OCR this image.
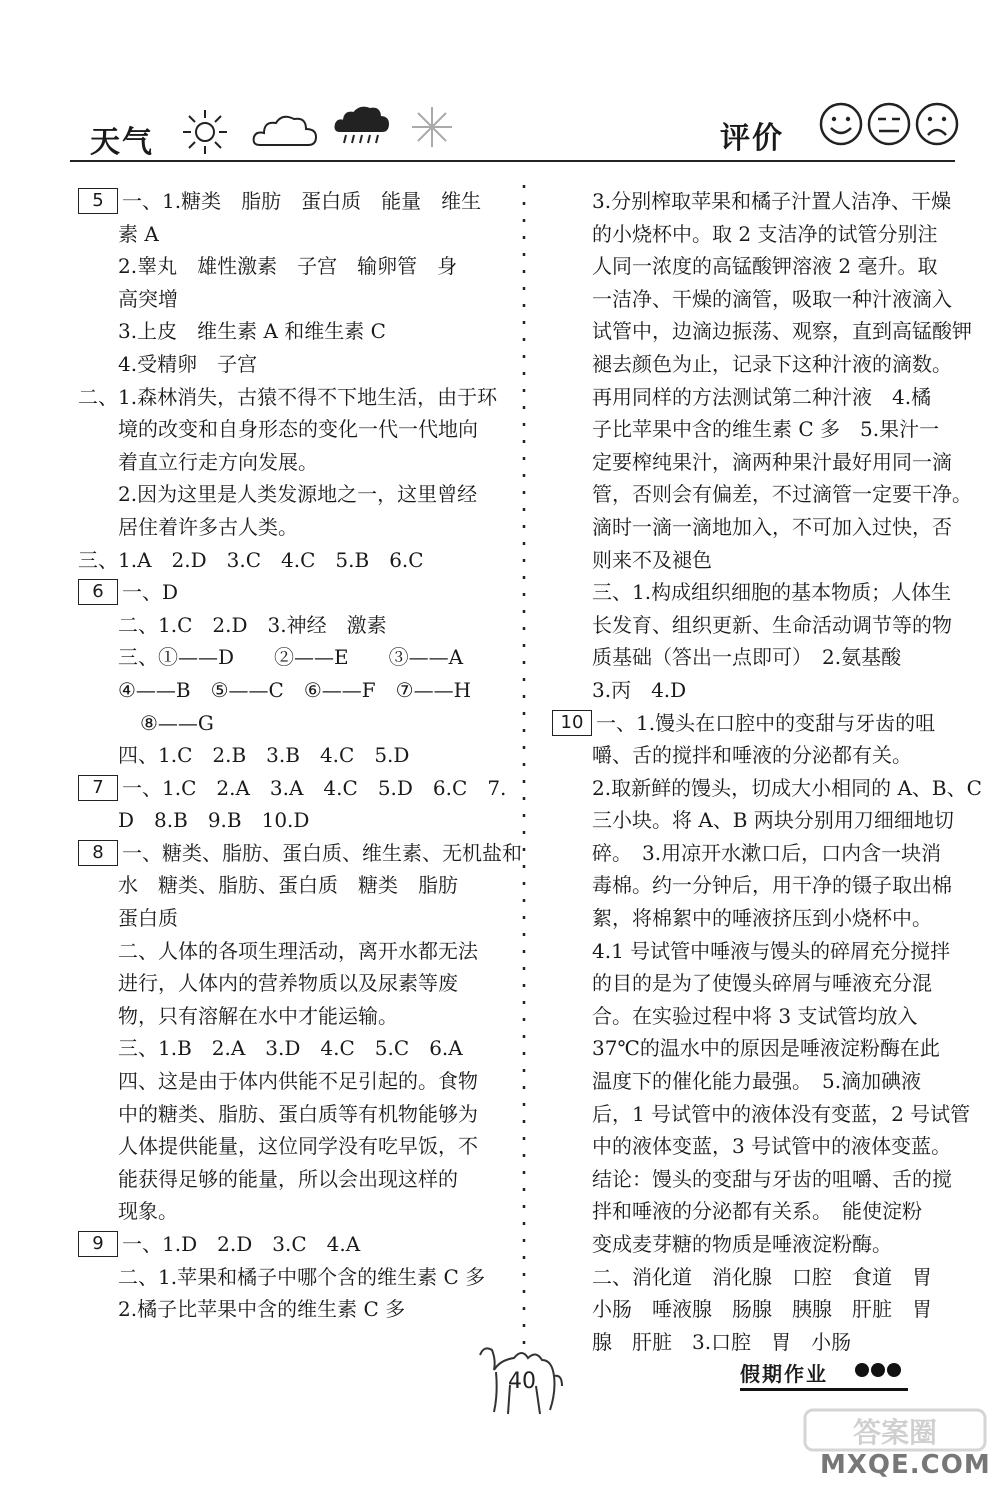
天气	评价
5 一、1.糖类　脂肪　蛋白质　能量　维生
素 A
2.睾丸　雄性激素　子宫　输卵管　身
高突增
3.上皮　维生素 A 和维生素 C
4.受精卵　子宫
二、1.森林消失，古猿不得不下地生活，由于环
境的改变和自身形态的变化一代一代地向
着直立行走方向发展。
2.因为这里是人类发源地之一，这里曾经
居住着许多古人类。
三、1.A　2.D　3.C　4.C　5.B　6.C
6 一、D
二、1.C　2.D　3.神经　激素
三、①——D　　②——E　　③——A
④——B　⑤——C　⑥——F　⑦——H
⑧——G
四、1.C　2.B　3.B　4.C　5.D
7 一、1.C　2.A　3.A　4.C　5.D　6.C　7.
D　8.B　9.B　10.D
8 一、糖类、脂肪、蛋白质、维生素、无机盐和
水　糖类、脂肪、蛋白质　糖类　脂肪
蛋白质
二、人体的各项生理活动，离开水都无法
进行，人体内的营养物质以及尿素等废
物，只有溶解在水中才能运输。
三、1.B　2.A　3.D　4.C　5.C　6.A
四、这是由于体内供能不足引起的。食物
中的糖类、脂肪、蛋白质等有机物能够为
人体提供能量，这位同学没有吃早饭，不
能获得足够的能量，所以会出现这样的
现象。
9 一、1.D　2.D　3.C　4.A
二、1.苹果和橘子中哪个含的维生素 C 多
2.橘子比苹果中含的维生素 C 多
3.分别榨取苹果和橘子汁置人洁净、干燥
的小烧杯中。取 2 支洁净的试管分别注
人同一浓度的高锰酸钾溶液 2 毫升。取
一洁净、干燥的滴管，吸取一种汁液滴入
试管中，边滴边振荡、观察，直到高锰酸钾
褪去颜色为止，记录下这种汁液的滴数。
再用同样的方法测试第二种汁液　4.橘
子比苹果中含的维生素 C 多　5.果汁一
定要榨纯果汁，滴两种果汁最好用同一滴
管，否则会有偏差，不过滴管一定要干净。
滴时一滴一滴地加入，不可加入过快，否
则来不及褪色
三、1.构成组织细胞的基本物质；人体生
长发育、组织更新、生命活动调节等的物
质基础（答出一点即可）　2.氨基酸
3.丙　4.D
10 一、1.馒头在口腔中的变甜与牙齿的咀
嚼、舌的搅拌和唾液的分泌都有关。
2.取新鲜的馒头，切成大小相同的 A、B、C
三小块。将 A、B 两块分别用刀细细地切
碎。　3.用凉开水漱口后，口内含一块消
毒棉。约一分钟后，用干净的镊子取出棉
絮，将棉絮中的唾液挤压到小烧杯中。
4.1 号试管中唾液与馒头的碎屑充分搅拌
的目的是为了使馒头碎屑与唾液充分混
合。在实验过程中将 3 支试管均放入
37℃的温水中的原因是唾液淀粉酶在此
温度下的催化能力最强。　5.滴加碘液
后，1 号试管中的液体没有变蓝，2 号试管
中的液体变蓝，3 号试管中的液体变蓝。
结论：馒头的变甜与牙齿的咀嚼、舌的搅
拌和唾液的分泌都有关系。　能使淀粉
变成麦芽糖的物质是唾液淀粉酶。
二、消化道　消化腺　口腔　食道　胃
小肠　唾液腺　肠腺　胰腺　肝脏　胃
腺　肝脏　3.口腔　胃　小肠
40	假期作业
答案圈
MXQE.COM
